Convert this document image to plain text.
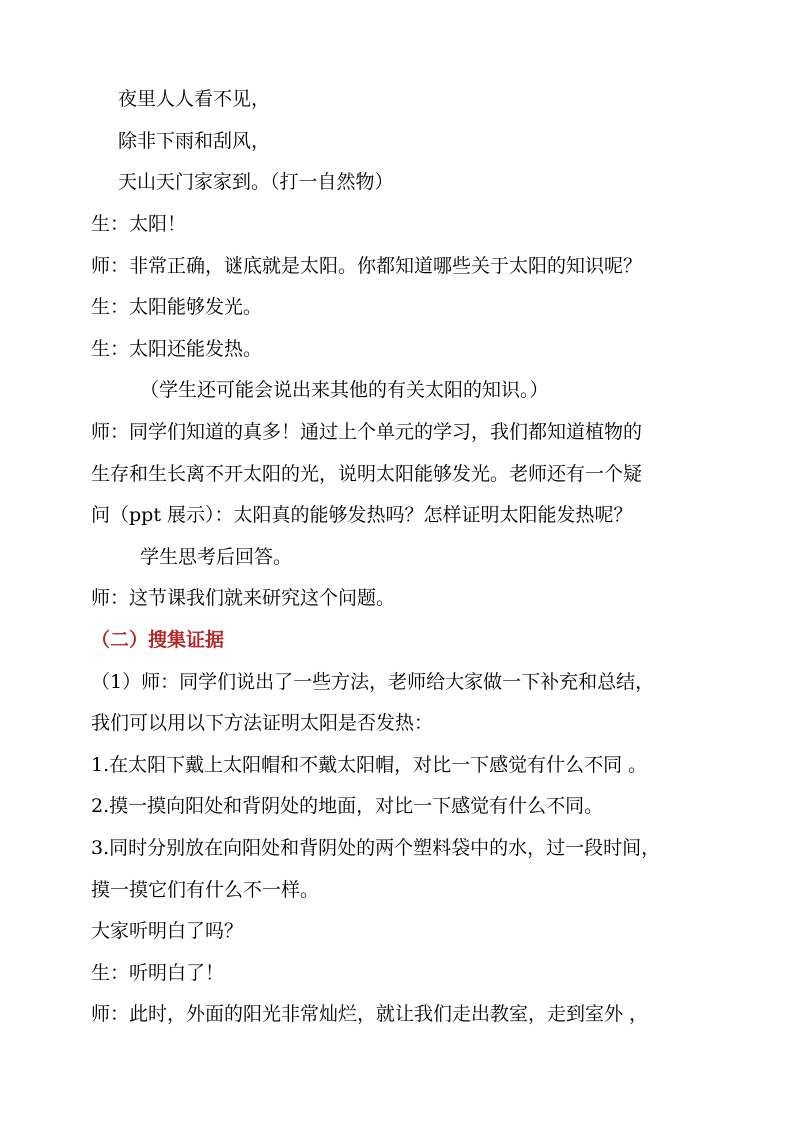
夜里人人看不见，
除非下雨和刮风，
天山天门家家到。（打一自然物）
生：太阳！
师：非常正确，谜底就是太阳。你都知道哪些关于太阳的知识呢？
生：太阳能够发光。
生：太阳还能发热。
（学生还可能会说出来其他的有关太阳的知识。）
师：同学们知道的真多！通过上个单元的学习，我们都知道植物的
生存和生长离不开太阳的光，说明太阳能够发光。老师还有一个疑
问（ppt 展示）：太阳真的能够发热吗？怎样证明太阳能发热呢？
学生思考后回答。
师：这节课我们就来研究这个问题。
（二）搜集证据
（1）师：同学们说出了一些方法，老师给大家做一下补充和总结，
我们可以用以下方法证明太阳是否发热：
1.在太阳下戴上太阳帽和不戴太阳帽，对比一下感觉有什么不同 。
2.摸一摸向阳处和背阴处的地面，对比一下感觉有什么不同。
3.同时分别放在向阳处和背阴处的两个塑料袋中的水，过一段时间，
摸一摸它们有什么不一样。
大家听明白了吗？
生：听明白了！
师：此时，外面的阳光非常灿烂，就让我们走出教室，走到室外 ，
